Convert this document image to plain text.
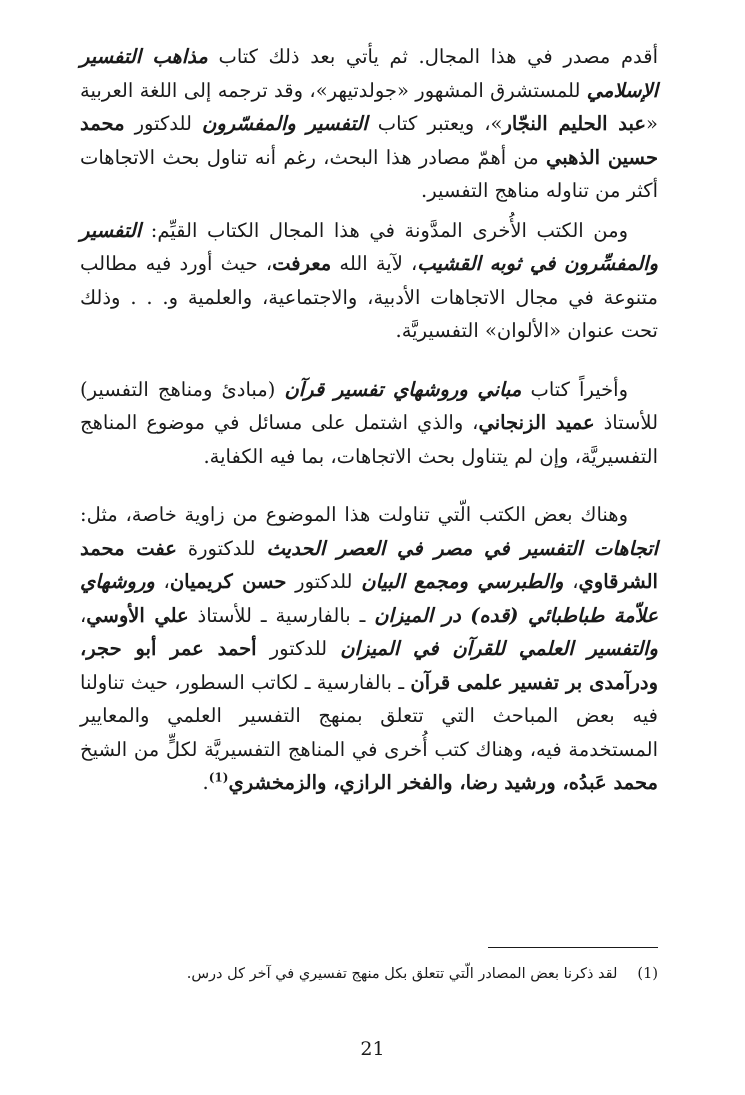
أقدم مصدر في هذا المجال. ثم يأتي بعد ذلك كتاب مذاهب التفسير الإسلامي للمستشرق المشهور «جولدتيهر»، وقد ترجمه إلى اللغة العربية «عبد الحليم النجّار»، ويعتبر كتاب التفسير والمفسّرون للدكتور محمد حسين الذهبي من أهمّ مصادر هذا البحث، رغم أنه تناول بحث الاتجاهات أكثر من تناوله مناهج التفسير.

ومن الكتب الأُخرى المدَّونة في هذا المجال الكتاب القيِّم: التفسير والمفسِّرون في ثوبه القشيب، لآية الله معرفت، حيث أورد فيه مطالب متنوعة في مجال الاتجاهات الأدبية، والاجتماعية، والعلمية و. . . وذلك تحت عنوان «الألوان» التفسيريَّة.

وأخيراً كتاب مباني وروشهاي تفسير قرآن (مبادئ ومناهج التفسير) للأستاذ عميد الزنجاني، والذي اشتمل على مسائل في موضوع المناهج التفسيريَّة، وإن لم يتناول بحث الاتجاهات، بما فيه الكفاية.

وهناك بعض الكتب الّتي تناولت هذا الموضوع من زاوية خاصة، مثل: اتجاهات التفسير في مصر في العصر الحديث للدكتورة عفت محمد الشرقاوي، والطبرسي ومجمع البيان للدكتور حسن كريميان، وروشهاي علاّمة طباطبائي (قده) در الميزان ـ بالفارسية ـ للأستاذ علي الأوسي، والتفسير العلمي للقرآن في الميزان للدكتور أحمد عمر أبو حجر، ودرآمدى بر تفسير علمى قرآن ـ بالفارسية ـ لكاتب السطور، حيث تناولنا فيه بعض المباحث التي تتعلق بمنهج التفسير العلمي والمعايير المستخدمة فيه، وهناك كتب أُخرى في المناهج التفسيريَّة لكلٍّ من الشيخ محمد عَبدُه، ورشيد رضا، والفخر الرازي، والزمخشري$^{(1)}$.

(1)لقد ذكرنا بعض المصادر الّتي تتعلق بكل منهج تفسيري في آخر كل درس.
21
